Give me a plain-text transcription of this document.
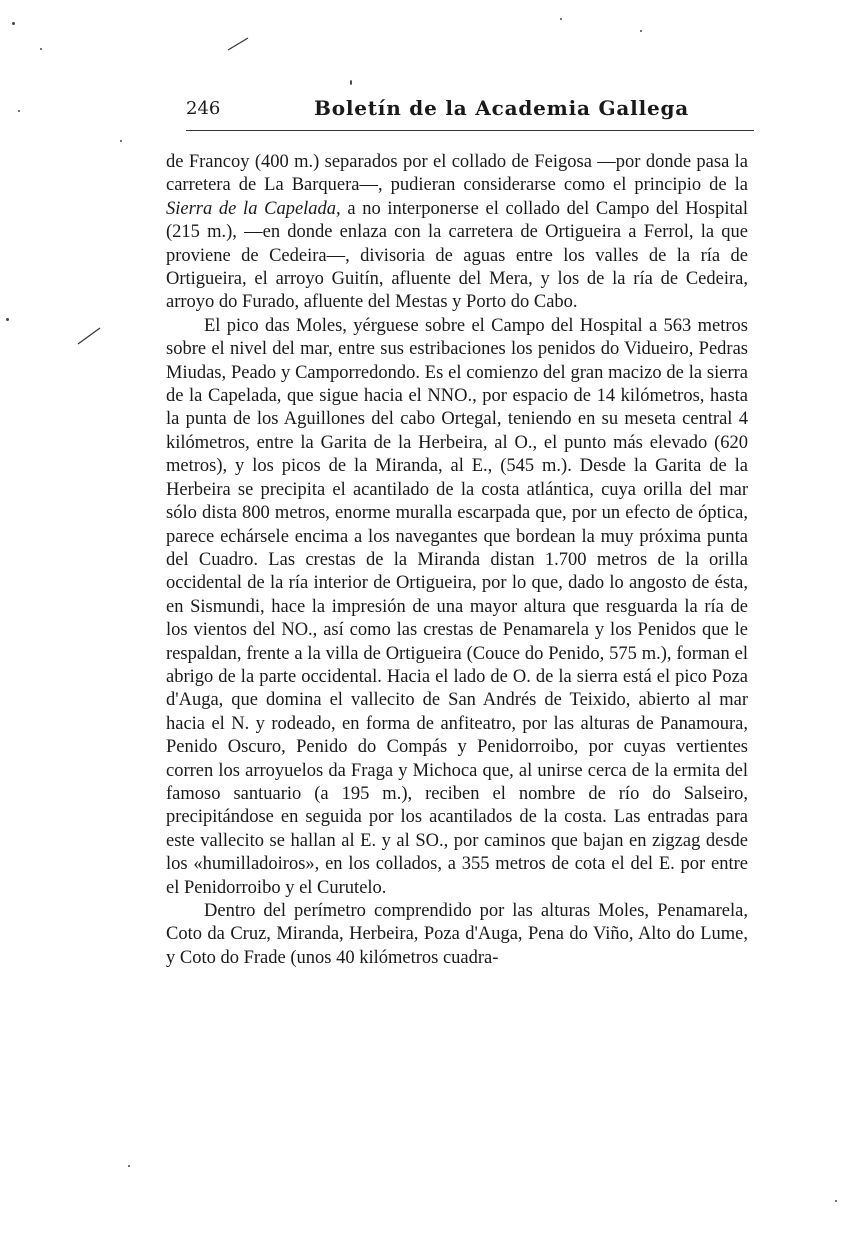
246	Boletín de la Academia Gallega

de Francoy (400 m.) separados por el collado de Feigosa —por donde pasa la carretera de La Barquera—, pudieran considerarse como el principio de la Sierra de la Capelada, a no interponerse el collado del Campo del Hospital (215 m.), —en donde enlaza con la carretera de Ortigueira a Ferrol, la que proviene de Cedeira—, divisoria de aguas entre los valles de la ría de Ortigueira, el arroyo Guitín, afluente del Mera, y los de la ría de Cedeira, arroyo do Furado, afluente del Mestas y Porto do Cabo.

El pico das Moles, yérguese sobre el Campo del Hospital a 563 metros sobre el nivel del mar, entre sus estribaciones los penidos do Vidueiro, Pedras Miudas, Peado y Camporredondo. Es el comienzo del gran macizo de la sierra de la Capelada, que sigue hacia el NNO., por espacio de 14 kilómetros, hasta la punta de los Aguillones del cabo Ortegal, teniendo en su meseta central 4 kilómetros, entre la Garita de la Herbeira, al O., el punto más elevado (620 metros), y los picos de la Miranda, al E., (545 m.). Desde la Garita de la Herbeira se precipita el acantilado de la costa atlántica, cuya orilla del mar sólo dista 800 metros, enorme muralla escarpada que, por un efecto de óptica, parece echársele encima a los navegantes que bordean la muy próxima punta del Cuadro. Las crestas de la Miranda distan 1.700 metros de la orilla occidental de la ría interior de Ortigueira, por lo que, dado lo angosto de ésta, en Sismundi, hace la impresión de una mayor altura que resguarda la ría de los vientos del NO., así como las crestas de Penamarela y los Penidos que le respaldan, frente a la villa de Ortigueira (Couce do Penido, 575 m.), forman el abrigo de la parte occidental. Hacia el lado de O. de la sierra está el pico Poza d'Auga, que domina el vallecito de San Andrés de Teixido, abierto al mar hacia el N. y rodeado, en forma de anfiteatro, por las alturas de Panamoura, Penido Oscuro, Penido do Compás y Penidorroibo, por cuyas vertientes corren los arroyuelos da Fraga y Michoca que, al unirse cerca de la ermita del famoso santuario (a 195 m.), reciben el nombre de río do Salseiro, precipitándose en seguida por los acantilados de la costa. Las entradas para este vallecito se hallan al E. y al SO., por caminos que bajan en zigzag desde los «humilladoiros», en los collados, a 355 metros de cota el del E. por entre el Penidorroibo y el Curutelo.

Dentro del perímetro comprendido por las alturas Moles, Penamarela, Coto da Cruz, Miranda, Herbeira, Poza d'Auga, Pena do Viño, Alto do Lume, y Coto do Frade (unos 40 kilómetros cuadra-
